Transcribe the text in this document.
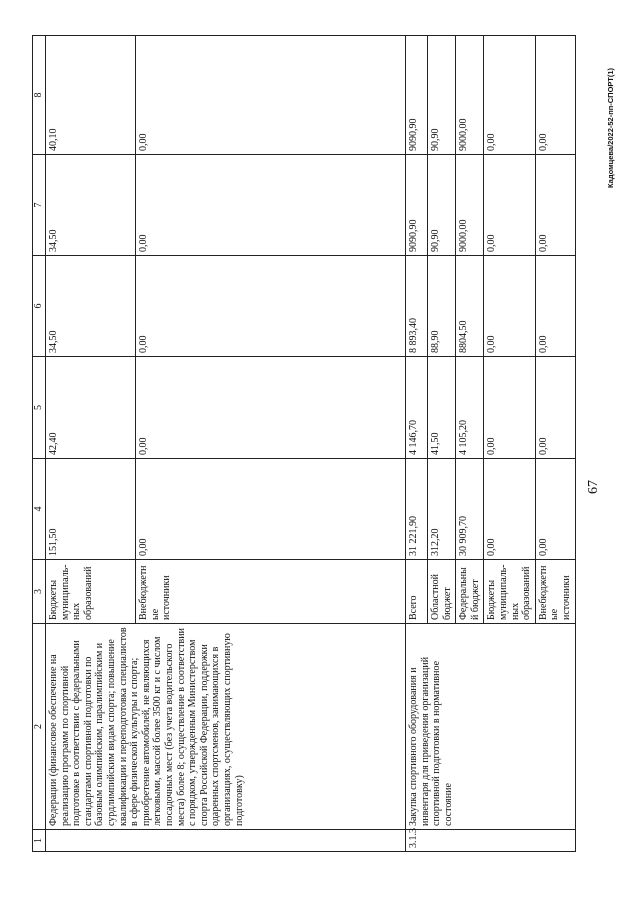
1	2	3	4	5	6	7	8
	Федерации (финансовое обеспечение на реализацию программ по спортивной подготовке в соответствии с федеральными стандартами спортивной подготовки по базовым олимпийским, паралимпийским и сурдлимпийским видам спорта; повышение квалификации и переподготовка специалистов в сфере физической культуры и спорта; приобретение автомобилей, не являющихся легковыми, массой более 3500 кг и с числом посадочных мест (без учета водительского места) более 8; осуществление в соответствии с порядком, утвержденным Министерством спорта Российской Федерации, поддержки одаренных спортсменов, занимающихся в организациях, осуществляющих спортивную подготовку)	Бюджеты муниципаль-ных образований	151,50	42,40	34,50	34,50	40,10
		Внебюджетные источники	0,00	0,00	0,00	0,00	0,00
3.1.3	Закупка спортивного оборудования и инвентаря для приведения организаций спортивной подготовки в нормативное состояние	Всего	31 221,90	4 146,70	8 893,40	9090,90	9090,90
		Областной бюджет	312,20	41,50	88,90	90,90	90,90
		Федеральный бюджет	30 909,70	4 105,20	8804,50	9000,00	9000,00
		Бюджеты муниципаль-ных образований	0,00	0,00	0,00	0,00	0,00
		Внебюджетные источники	0,00	0,00	0,00	0,00	0,00
67
Кадомцева/2022-52-пп-СПОРТ(1)
